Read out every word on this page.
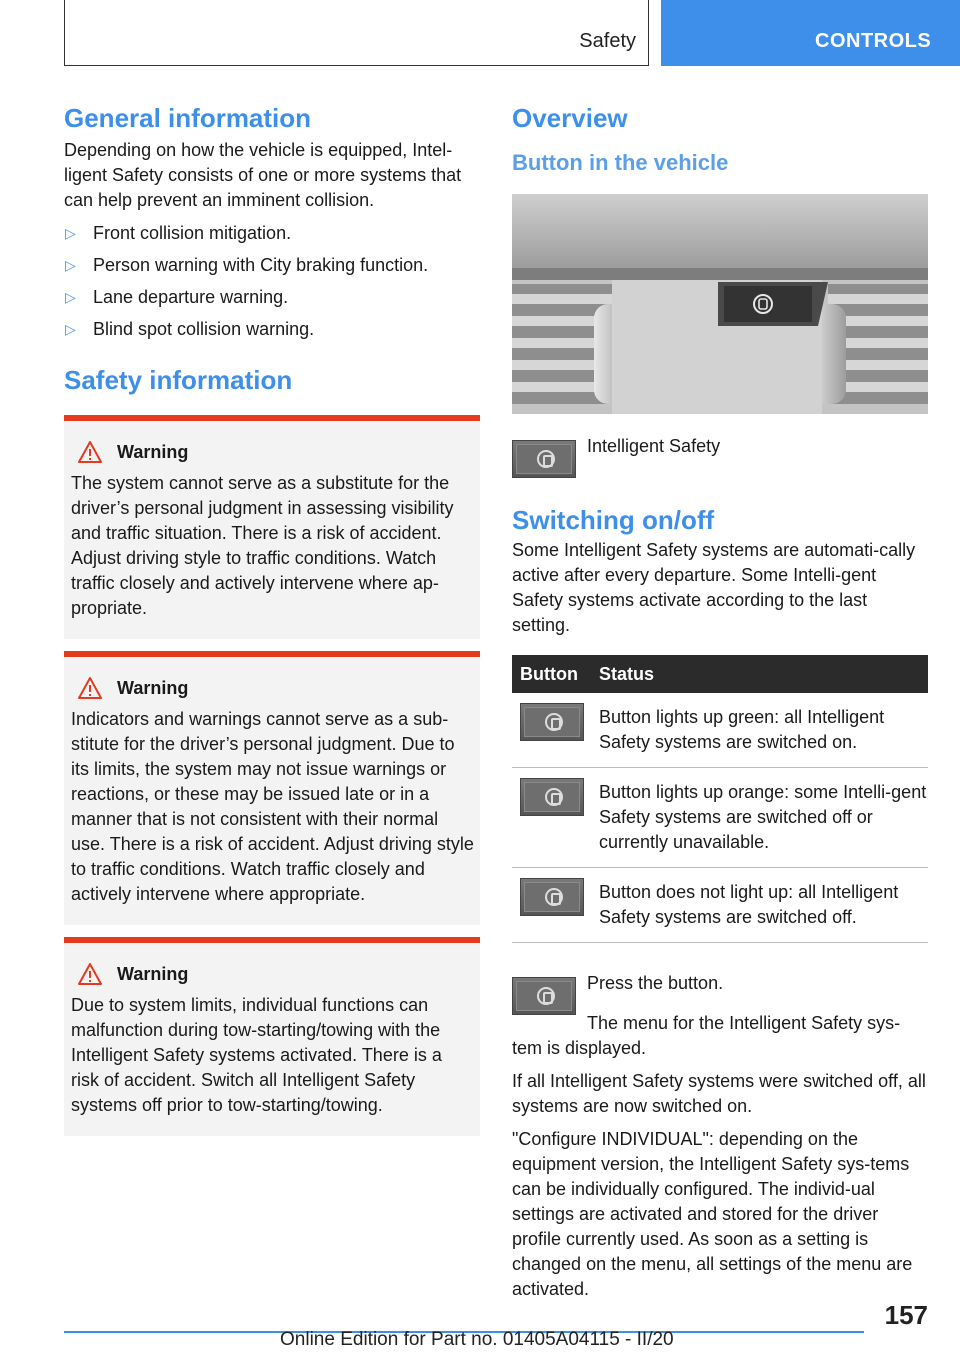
Safety	CONTROLS
General information

Depending on how the vehicle is equipped, Intel-ligent Safety consists of one or more systems that can help prevent an imminent collision.

▷ Front collision mitigation.
▷ Person warning with City braking function.
▷ Lane departure warning.
▷ Blind spot collision warning.
Safety information
Warning

The system cannot serve as a substitute for the driver’s personal judgment in assessing visibility and traffic situation. There is a risk of accident. Adjust driving style to traffic conditions. Watch traffic closely and actively intervene where ap-propriate.

Warning

Indicators and warnings cannot serve as a sub-stitute for the driver’s personal judgment. Due to its limits, the system may not issue warnings or reactions, or these may be issued late or in a manner that is not consistent with their normal use. There is a risk of accident. Adjust driving style to traffic conditions. Watch traffic closely and actively intervene where appropriate.

Warning

Due to system limits, individual functions can malfunction during tow-starting/towing with the Intelligent Safety systems activated. There is a risk of accident. Switch all Intelligent Safety systems off prior to tow-starting/towing.

Overview
Button in the vehicle
Intelligent Safety
Switching on/off

Some Intelligent Safety systems are automati-cally active after every departure. Some Intelli-gent Safety systems activate according to the last setting.

Button	Status

	Button lights up green: all Intelligent Safety systems are switched on.

	Button lights up orange: some Intelli-gent Safety systems are switched off or currently unavailable.

	Button does not light up: all Intelligent Safety systems are switched off.
Press the button.

The menu for the Intelligent Safety sys-tem is displayed.

If all Intelligent Safety systems were switched off, all systems are now switched on.

"Configure INDIVIDUAL": depending on the equipment version, the Intelligent Safety sys-tems can be individually configured. The individ-ual settings are activated and stored for the driver profile currently used. As soon as a setting is changed on the menu, all settings of the menu are activated.

157
Online Edition for Part no. 01405A04115 - II/20
